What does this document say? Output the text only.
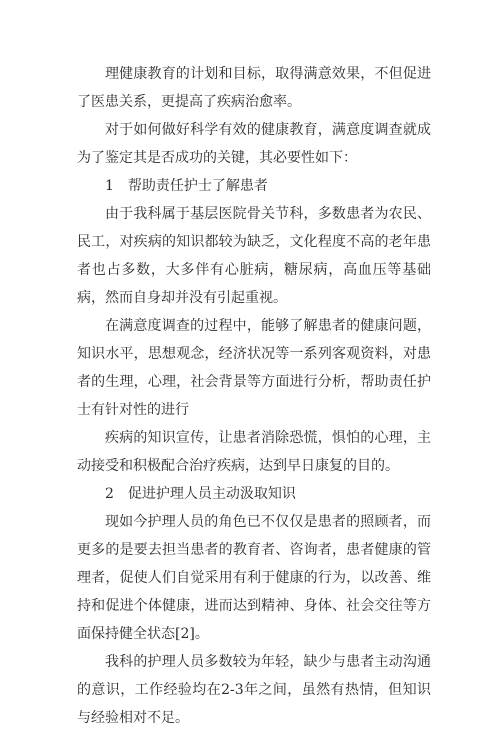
理健康教育的计划和目标，取得满意效果，不但促进了医患关系，更提高了疾病治愈率。

对于如何做好科学有效的健康教育，满意度调查就成为了鉴定其是否成功的关键，其必要性如下：

1　帮助责任护士了解患者

由于我科属于基层医院骨关节科，多数患者为农民、民工，对疾病的知识都较为缺乏，文化程度不高的老年患者也占多数，大多伴有心脏病，糖尿病，高血压等基础病，然而自身却并没有引起重视。

在满意度调查的过程中，能够了解患者的健康问题，知识水平，思想观念，经济状况等一系列客观资料，对患者的生理，心理，社会背景等方面进行分析，帮助责任护士有针对性的进行

疾病的知识宣传，让患者消除恐慌，惧怕的心理，主动接受和积极配合治疗疾病，达到早日康复的目的。

2　促进护理人员主动汲取知识

现如今护理人员的角色已不仅仅是患者的照顾者，而更多的是要去担当患者的教育者、咨询者，患者健康的管理者，促使人们自觉采用有利于健康的行为，以改善、维持和促进个体健康，进而达到精神、身体、社会交往等方面保持健全状态[2]。

我科的护理人员多数较为年轻，缺少与患者主动沟通的意识，工作经验均在2-3年之间，虽然有热情，但知识与经验相对不足。
